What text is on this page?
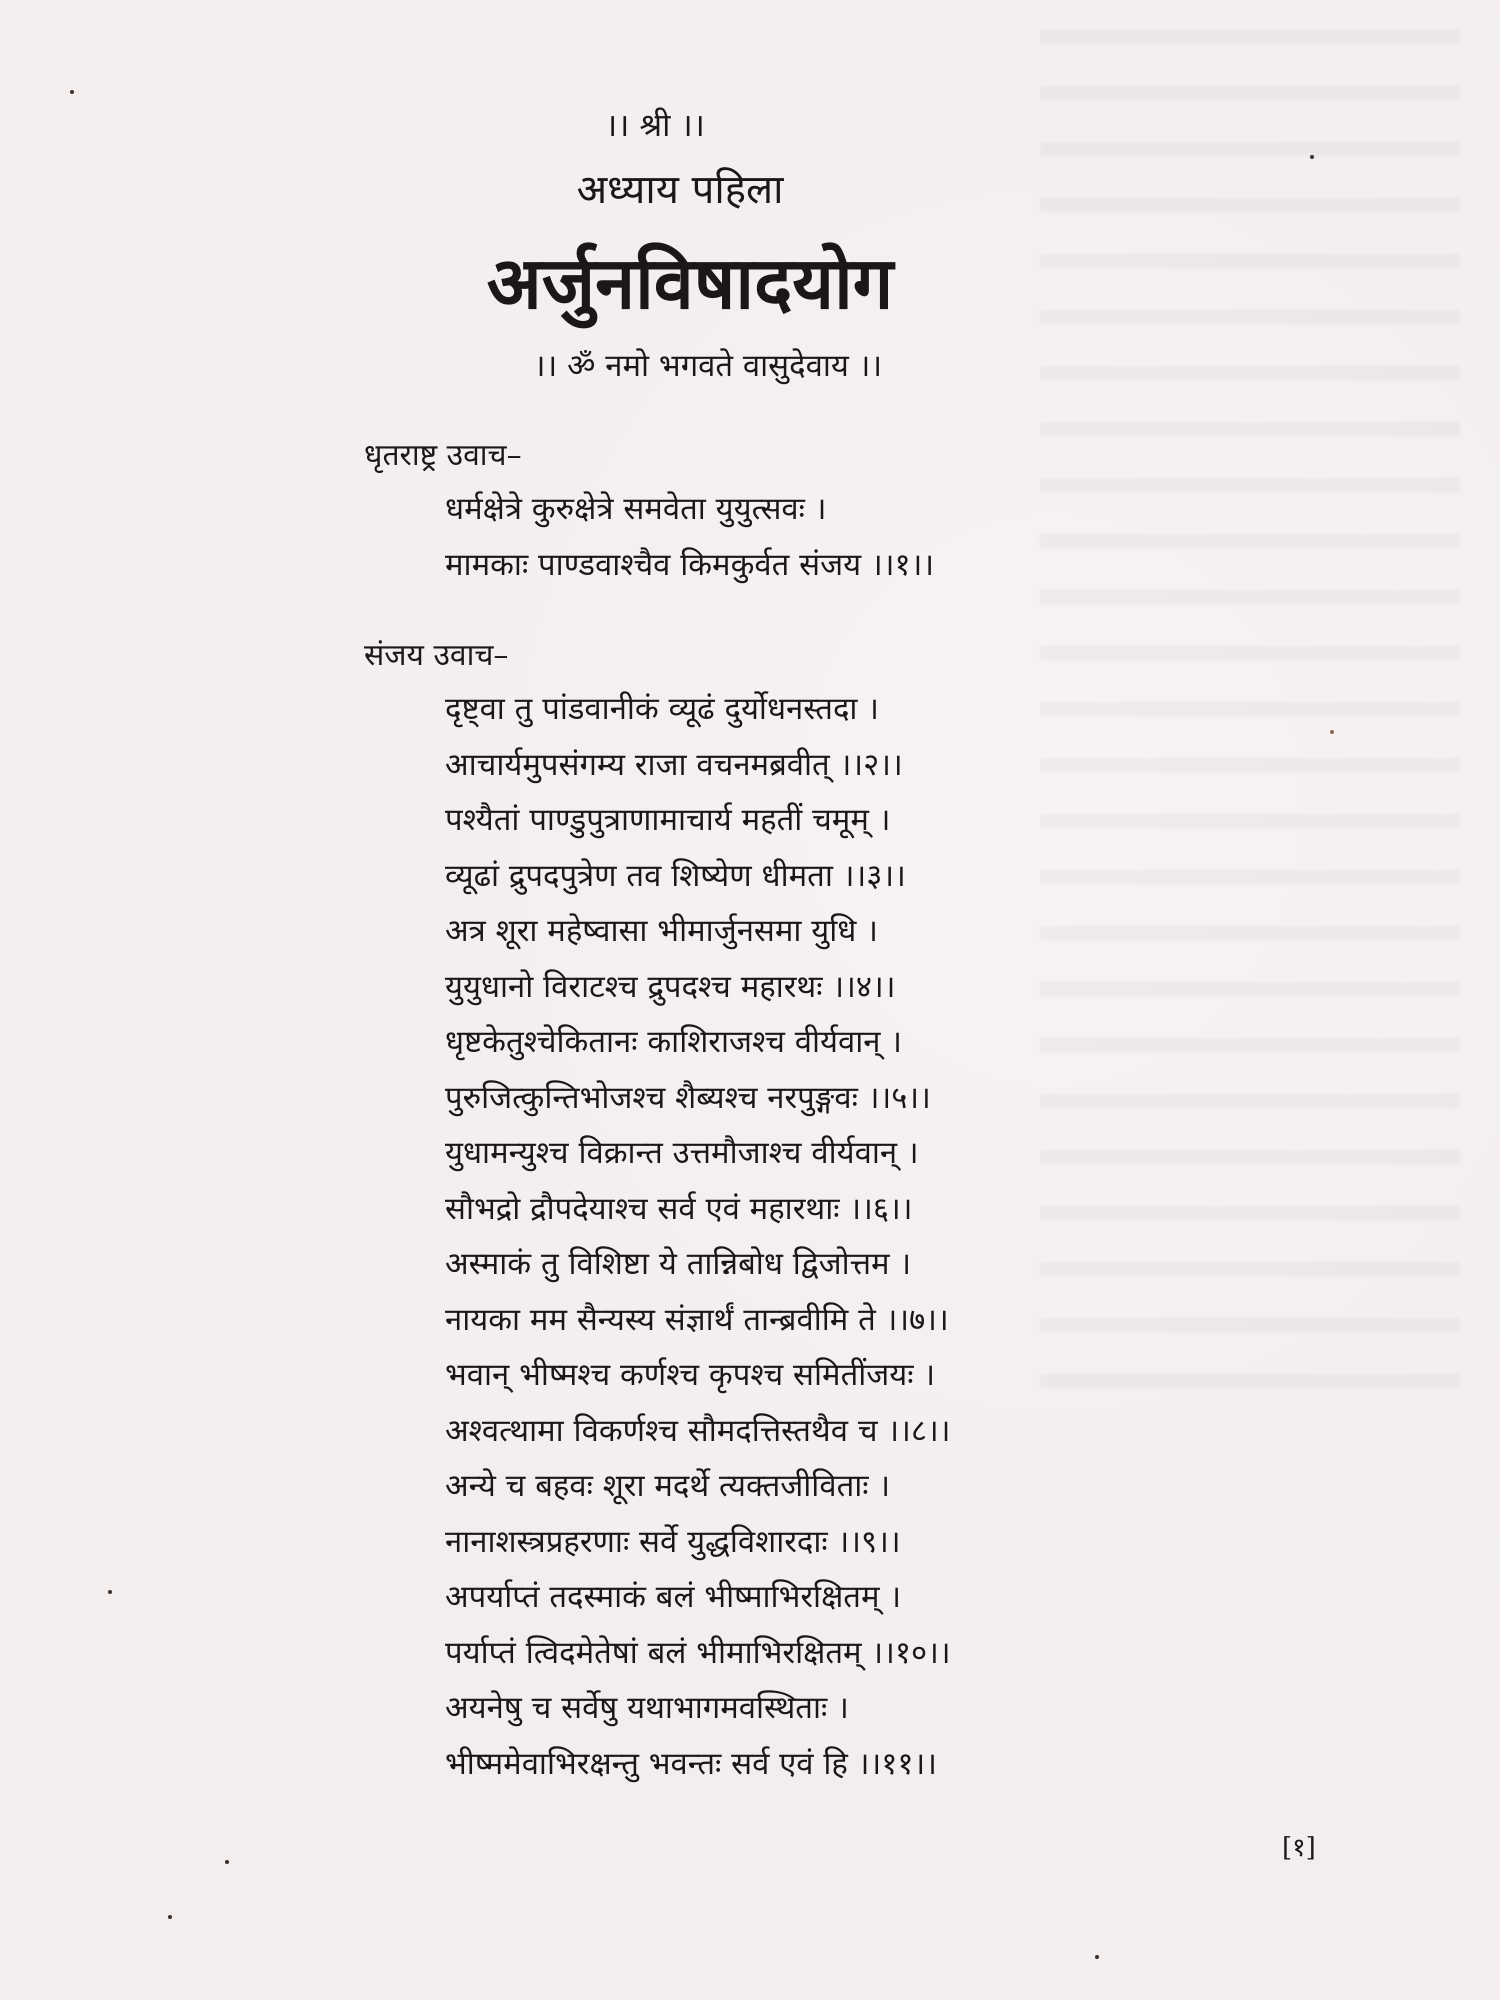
।। श्री ।।
अध्याय पहिला
अर्जुनविषादयोग
।। ॐ नमो भगवते वासुदेवाय ।।
धृतराष्ट्र उवाच–
धर्मक्षेत्रे कुरुक्षेत्रे समवेता युयुत्सवः ।
मामकाः पाण्डवाश्चैव किमकुर्वत संजय ।।१।।
संजय उवाच–
दृष्ट्वा तु पांडवानीकं व्यूढं दुर्योधनस्तदा ।
आचार्यमुपसंगम्य राजा वचनमब्रवीत् ।।२।।
पश्यैतां पाण्डुपुत्राणामाचार्य महतीं चमूम् ।
व्यूढां द्रुपदपुत्रेण तव शिष्येण धीमता ।।३।।
अत्र शूरा महेष्वासा भीमार्जुनसमा युधि ।
युयुधानो विराटश्च द्रुपदश्च महारथः ।।४।।
धृष्टकेतुश्चेकितानः काशिराजश्च वीर्यवान् ।
पुरुजित्कुन्तिभोजश्च शैब्यश्च नरपुङ्गवः ।।५।।
युधामन्युश्च विक्रान्त उत्तमौजाश्च वीर्यवान् ।
सौभद्रो द्रौपदेयाश्च सर्व एवं महारथाः ।।६।।
अस्माकं तु विशिष्टा ये तान्निबोध द्विजोत्तम ।
नायका मम सैन्यस्य संज्ञार्थं तान्ब्रवीमि ते ।।७।।
भवान् भीष्मश्च कर्णश्च कृपश्च समितींजयः ।
अश्वत्थामा विकर्णश्च सौमदत्तिस्तथैव च ।।८।।
अन्ये च बहवः शूरा मदर्थे त्यक्तजीविताः ।
नानाशस्त्रप्रहरणाः सर्वे युद्धविशारदाः ।।९।।
अपर्याप्तं तदस्माकं बलं भीष्माभिरक्षितम् ।
पर्याप्तं त्विदमेतेषां बलं भीमाभिरक्षितम् ।।१०।।
अयनेषु च सर्वेषु यथाभागमवस्थिताः ।
भीष्ममेवाभिरक्षन्तु भवन्तः सर्व एवं हि ।।११।।
[१]
